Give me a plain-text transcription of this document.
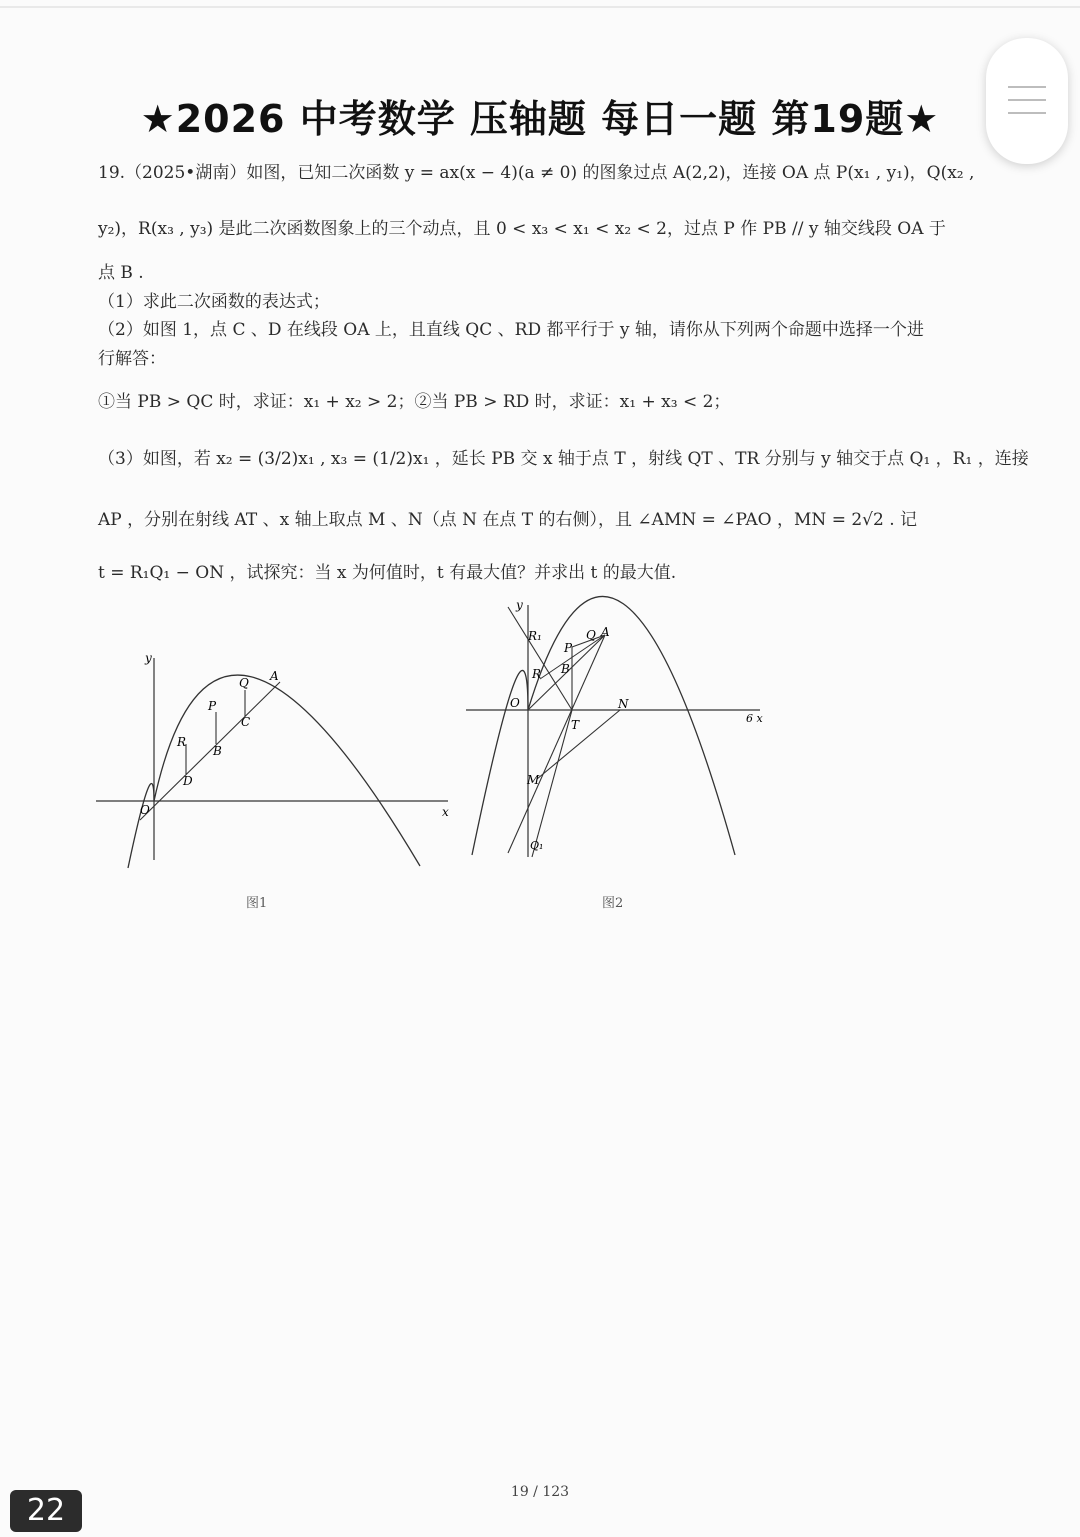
★2026 中考数学 压轴题 每日一题 第19题★
19.（2025•湖南）如图，已知二次函数 y = ax(x − 4)(a ≠ 0) 的图象过点 A(2,2)，连接 OA 点 P(x₁ , y₁)，Q(x₂ ,
y₂)，R(x₃ , y₃) 是此二次函数图象上的三个动点，且 0 < x₃ < x₁ < x₂ < 2，过点 P 作 PB // y 轴交线段 OA 于
点 B .
（1）求此二次函数的表达式；
（2）如图 1，点 C 、D 在线段 OA 上，且直线 QC 、RD 都平行于 y 轴，请你从下列两个命题中选择一个进
行解答：
①当 PB > QC 时，求证：x₁ + x₂ > 2；②当 PB > RD 时，求证：x₁ + x₃ < 2；
（3）如图，若 x₂ = (3/2)x₁ , x₃ = (1/2)x₁ ，延长 PB 交 x 轴于点 T ，射线 QT 、TR 分别与 y 轴交于点 Q₁ ，R₁ ，连接
AP ，分别在射线 AT 、x 轴上取点 M 、N（点 N 在点 T 的右侧），且 ∠AMN = ∠PAO ，MN = 2√2 . 记
t = R₁Q₁ − ON ，试探究：当 x 为何值时，t 有最大值？并求出 t 的最大值.
y
x
O
A
Q
P
C
R
B
D
图1
y
6 x
O
A
Q
P
R₁
R B
N
T
M
Q₁
图2
19 / 123
22
